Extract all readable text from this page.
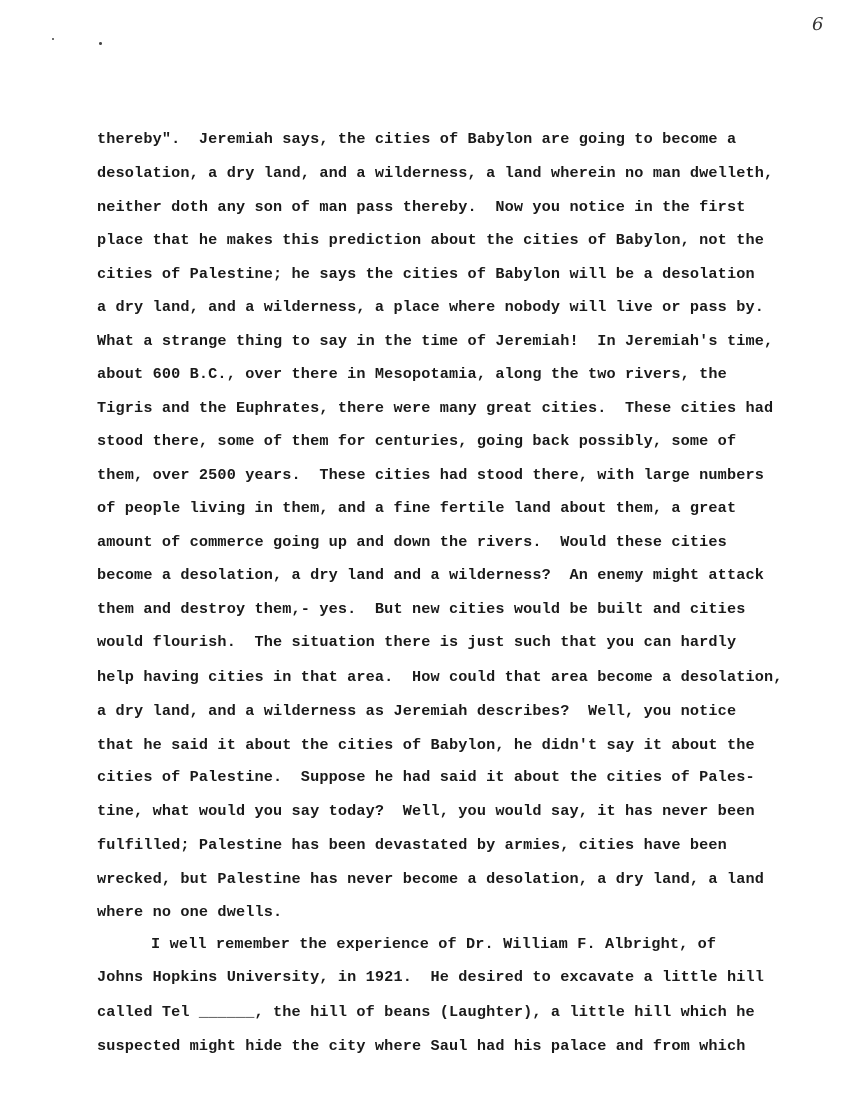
6
thereby".  Jeremiah says, the cities of Babylon are going to become a
desolation, a dry land, and a wilderness, a land wherein no man dwelleth,
neither doth any son of man pass thereby.  Now you notice in the first
place that he makes this prediction about the cities of Babylon, not the
cities of Palestine; he says the cities of Babylon will be a desolation
a dry land, and a wilderness, a place where nobody will live or pass by.
What a strange thing to say in the time of Jeremiah!  In Jeremiah's time,
about 600 B.C., over there in Mesopotamia, along the two rivers, the
Tigris and the Euphrates, there were many great cities.  These cities had
stood there, some of them for centuries, going back possibly, some of
them, over 2500 years.  These cities had stood there, with large numbers
of people living in them, and a fine fertile land about them, a great
amount of commerce going up and down the rivers.  Would these cities
become a desolation, a dry land and a wilderness?  An enemy might attack
them and destroy them,- yes.  But new cities would be built and cities
would flourish.  The situation there is just such that you can hardly
help having cities in that area.  How could that area become a desolation,
a dry land, and a wilderness as Jeremiah describes?  Well, you notice
that he said it about the cities of Babylon, he didn't say it about the
cities of Palestine.  Suppose he had said it about the cities of Pales-
tine, what would you say today?  Well, you would say, it has never been
fulfilled; Palestine has been devastated by armies, cities have been
wrecked, but Palestine has never become a desolation, a dry land, a land
where no one dwells.
I well remember the experience of Dr. William F. Albright, of
Johns Hopkins University, in 1921.  He desired to excavate a little hill
called Tel ______, the hill of beans (Laughter), a little hill which he
suspected might hide the city where Saul had his palace and from which
